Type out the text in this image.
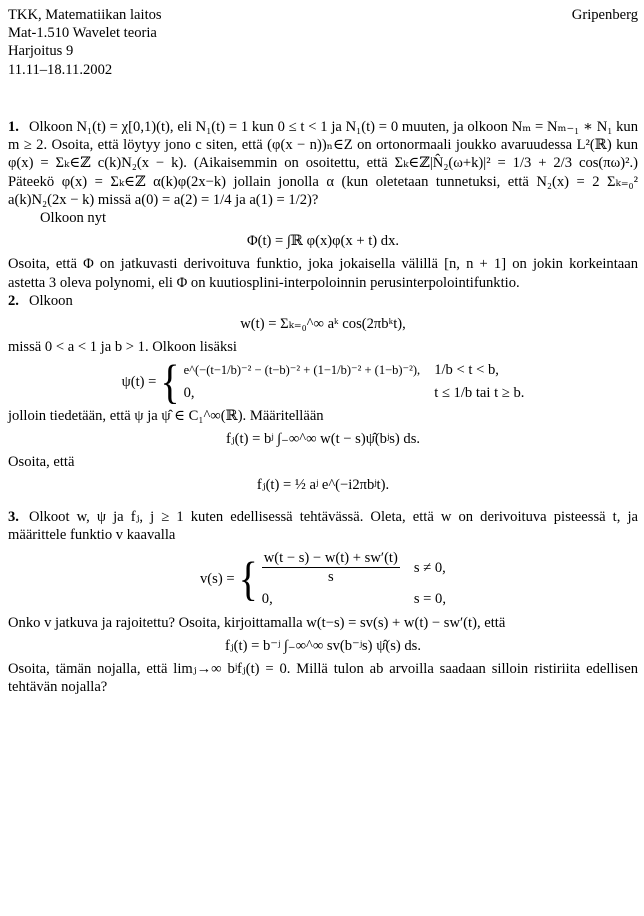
TKK, Matematiikan laitos
Mat-1.510 Wavelet teoria
Harjoitus 9
11.11–18.11.2002
Gripenberg

1. Olkoon N₁(t) = χ[0,1)(t), eli N₁(t) = 1 kun 0 ≤ t < 1 ja N₁(t) = 0 muuten, ja olkoon Nₘ = Nₘ₋₁ ∗ N₁ kun m ≥ 2. Osoita, että löytyy jono c siten, että (φ(x − n))ₙ∈Z on ortonormaali joukko avaruudessa L²(ℝ) kun φ(x) = Σₖ∈ℤ c(k)N₂(x − k). (Aikaisemmin on osoitettu, että Σₖ∈ℤ|N̂₂(ω+k)|² = 1/3 + 2/3 cos(πω)².) Päteekö φ(x) = Σₖ∈ℤ α(k)φ(2x−k) jollain jonolla α (kun oletetaan tunnetuksi, että N₂(x) = 2 Σₖ₌₀² a(k)N₂(2x − k) missä a(0) = a(2) = 1/4 ja a(1) = 1/2)?

Olkoon nyt

Φ(t) = ∫ℝ φ(x)φ(x + t) dx.

Osoita, että Φ on jatkuvasti derivoituva funktio, joka jokaisella välillä [n, n + 1] on jokin korkeintaan astetta 3 oleva polynomi, eli Φ on kuutiosplini-interpoloinnin perusinterpolointifunktio.

2. Olkoon

w(t) = Σₖ₌₀^∞ aᵏ cos(2πbᵏt),

missä 0 < a < 1 ja b > 1. Olkoon lisäksi

ψ(t) = { e^(−(t−1/b)⁻² − (t−b)⁻² + (1−1/b)⁻² + (1−b)⁻²), 1/b < t < b,
0,	t ≤ 1/b tai t ≥ b.

jolloin tiedetään, että ψ ja ψ̂ ∈ C₁^∞(ℝ). Määritellään

fⱼ(t) = bʲ ∫₋∞^∞ w(t − s)ψ̂(bʲs) ds.

Osoita, että

fⱼ(t) = ½ aʲ e^(−i2πbʲt).

3. Olkoot w, ψ ja fⱼ, j ≥ 1 kuten edellisessä tehtävässä. Oleta, että w on derivoituva pisteessä t, ja määrittele funktio v kaavalla

v(s) = { $\frac{w(t - s) - w(t) + sw'(t)}{s}$ s ≠ 0,
0,	s = 0,

Onko v jatkuva ja rajoitettu? Osoita, kirjoittamalla w(t−s) = sv(s) + w(t) − sw′(t), että

fⱼ(t) = b⁻ʲ ∫₋∞^∞ sv(b⁻ʲs) ψ̂(s) ds.

Osoita, tämän nojalla, että limⱼ→∞ bʲfⱼ(t) = 0. Millä tulon ab arvoilla saadaan silloin ristiriita edellisen tehtävän nojalla?
